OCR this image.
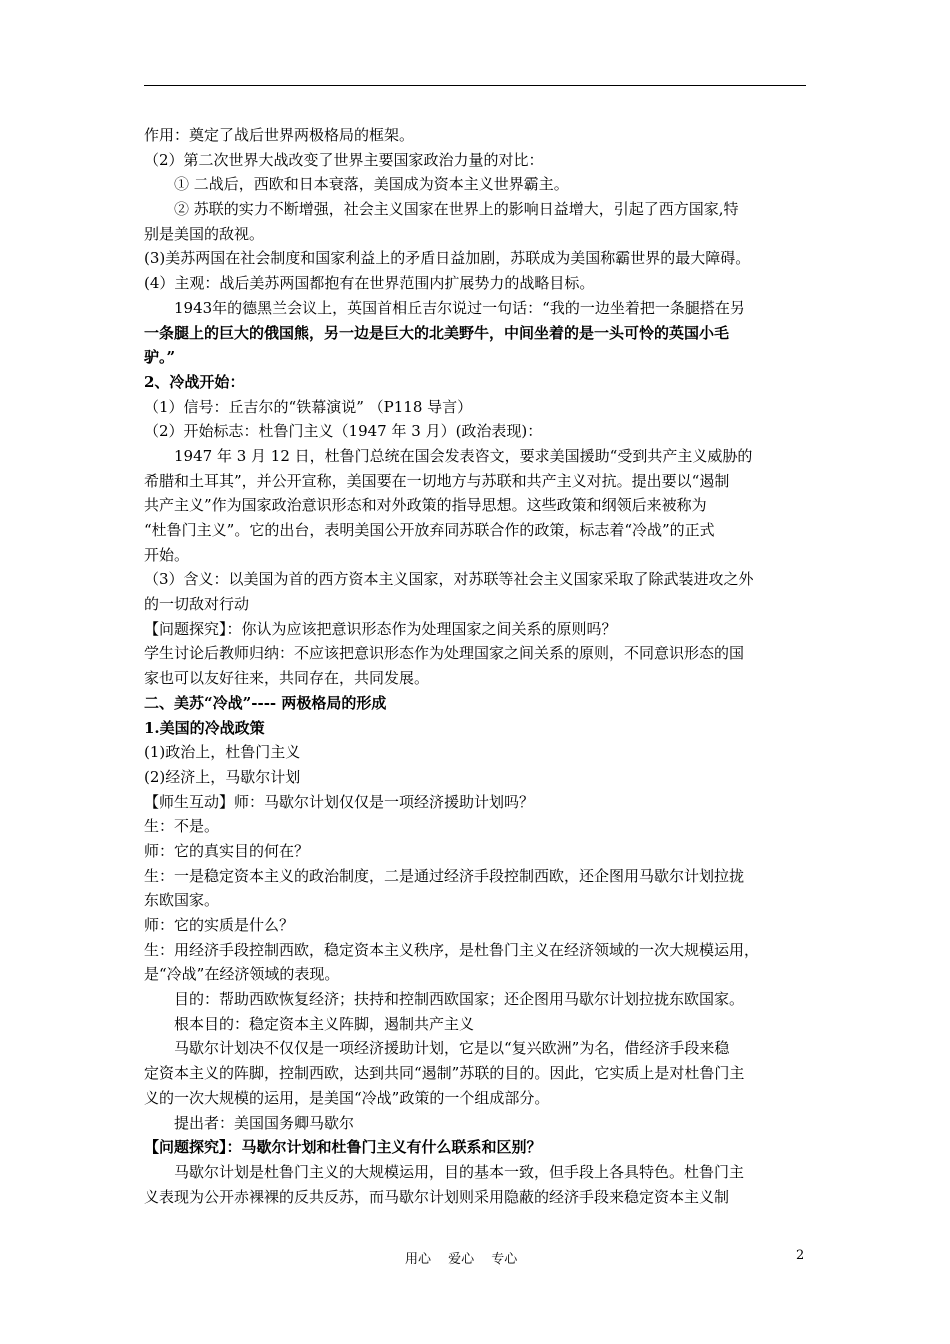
作用：奠定了战后世界两极格局的框架。
（2）第二次世界大战改变了世界主要国家政治力量的对比：
① 二战后，西欧和日本衰落，美国成为资本主义世界霸主。
② 苏联的实力不断增强，社会主义国家在世界上的影响日益增大，引起了西方国家,特
别是美国的敌视。
(3)美苏两国在社会制度和国家利益上的矛盾日益加剧，苏联成为美国称霸世界的最大障碍。
(4）主观：战后美苏两国都抱有在世界范围内扩展势力的战略目标。
1943年的德黑兰会议上，英国首相丘吉尔说过一句话：“我的一边坐着把一条腿搭在另
一条腿上的巨大的俄国熊，另一边是巨大的北美野牛，中间坐着的是一头可怜的英国小毛
驴。”
2、冷战开始：
（1）信号：丘吉尔的“铁幕演说” （P118 导言）
（2）开始标志：杜鲁门主义（1947 年 3 月）(政治表现)：
1947 年 3 月 12 日，杜鲁门总统在国会发表咨文，要求美国援助“受到共产主义威胁的
希腊和土耳其”，并公开宣称，美国要在一切地方与苏联和共产主义对抗。提出要以“遏制
共产主义”作为国家政治意识形态和对外政策的指导思想。这些政策和纲领后来被称为
“杜鲁门主义”。它的出台，表明美国公开放弃同苏联合作的政策，标志着“冷战”的正式
开始。
（3）含义：以美国为首的西方资本主义国家，对苏联等社会主义国家采取了除武装进攻之外
的一切敌对行动
【问题探究】：你认为应该把意识形态作为处理国家之间关系的原则吗？
学生讨论后教师归纳：不应该把意识形态作为处理国家之间关系的原则，不同意识形态的国
家也可以友好往来，共同存在，共同发展。
二、美苏“冷战”---- 两极格局的形成
1.美国的冷战政策
(1)政治上，杜鲁门主义
(2)经济上，马歇尔计划
【师生互动】师：马歇尔计划仅仅是一项经济援助计划吗？
生：不是。
师：它的真实目的何在？
生：一是稳定资本主义的政治制度，二是通过经济手段控制西欧，还企图用马歇尔计划拉拢
东欧国家。
师：它的实质是什么？
生：用经济手段控制西欧，稳定资本主义秩序，是杜鲁门主义在经济领域的一次大规模运用，
是“冷战”在经济领域的表现。
目的：帮助西欧恢复经济；扶持和控制西欧国家；还企图用马歇尔计划拉拢东欧国家。
根本目的：稳定资本主义阵脚，遏制共产主义
马歇尔计划决不仅仅是一项经济援助计划，它是以“复兴欧洲”为名，借经济手段来稳
定资本主义的阵脚，控制西欧，达到共同“遏制”苏联的目的。因此，它实质上是对杜鲁门主
义的一次大规模的运用，是美国“冷战”政策的一个组成部分。
提出者：美国国务卿马歇尔
【问题探究】：马歇尔计划和杜鲁门主义有什么联系和区别？
马歇尔计划是杜鲁门主义的大规模运用，目的基本一致，但手段上各具特色。杜鲁门主
义表现为公开赤裸裸的反共反苏，而马歇尔计划则采用隐蔽的经济手段来稳定资本主义制
用心　 爱心　 专心	2
